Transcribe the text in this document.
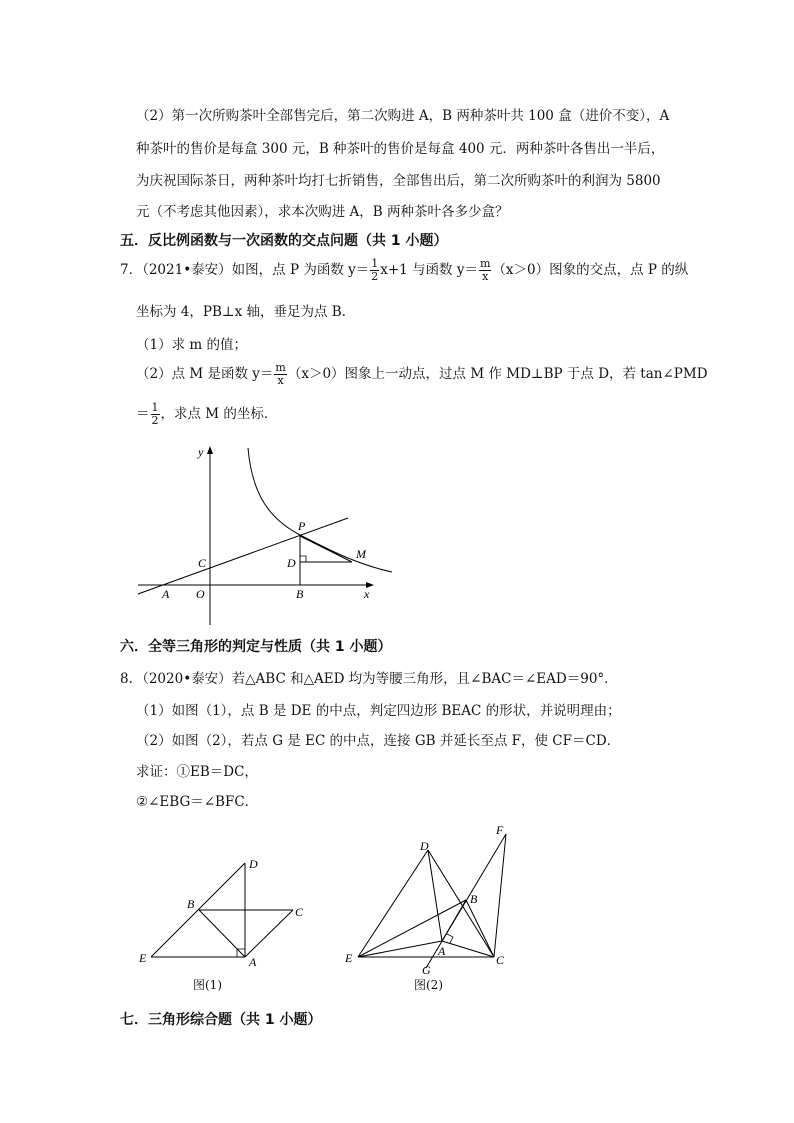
（2）第一次所购茶叶全部售完后，第二次购进 A，B 两种茶叶共 100 盒（进价不变），A
种茶叶的售价是每盒 300 元，B 种茶叶的售价是每盒 400 元．两种茶叶各售出一半后，
为庆祝国际茶日，两种茶叶均打七折销售，全部售出后，第二次所购茶叶的利润为 5800
元（不考虑其他因素），求本次购进 A，B 两种茶叶各多少盒？
五．反比例函数与一次函数的交点问题（共 1 小题）
7．（2021•泰安）如图，点 P 为函数 $y= \frac{1}{2} x+1$ 与函数 $y= \frac{m}{x} (x>0)$图象的交点，点 P 的纵
坐标为 4，PB⊥x 轴，垂足为点 B．
（1）求 m 的值；
（2）点 M 是函数 $y= \frac{m}{x} (x>0)$图象上一动点，过点 M 作 MD⊥BP 于点 D，若 tan∠PMD
＝ $\frac{1}{2}$ ，求点 M 的坐标．
y
x
O
A	B
C	D
P
M
六．全等三角形的判定与性质（共 1 小题）
8．（2020•泰安）若△ABC 和△AED 均为等腰三角形，且∠BAC＝∠EAD＝90°．
（1）如图（1），点 B 是 DE 的中点，判定四边形 BEAC 的形状，并说明理由；
（2）如图（2），若点 G 是 EC 的中点，连接 GB 并延长至点 F，使 CF＝CD．
求证：①EB＝DC，
②∠EBG＝∠BFC．
D
B
C
E	A
图(1)
D
F
B
E	A
G
C
图(2)
七．三角形综合题（共 1 小题）
